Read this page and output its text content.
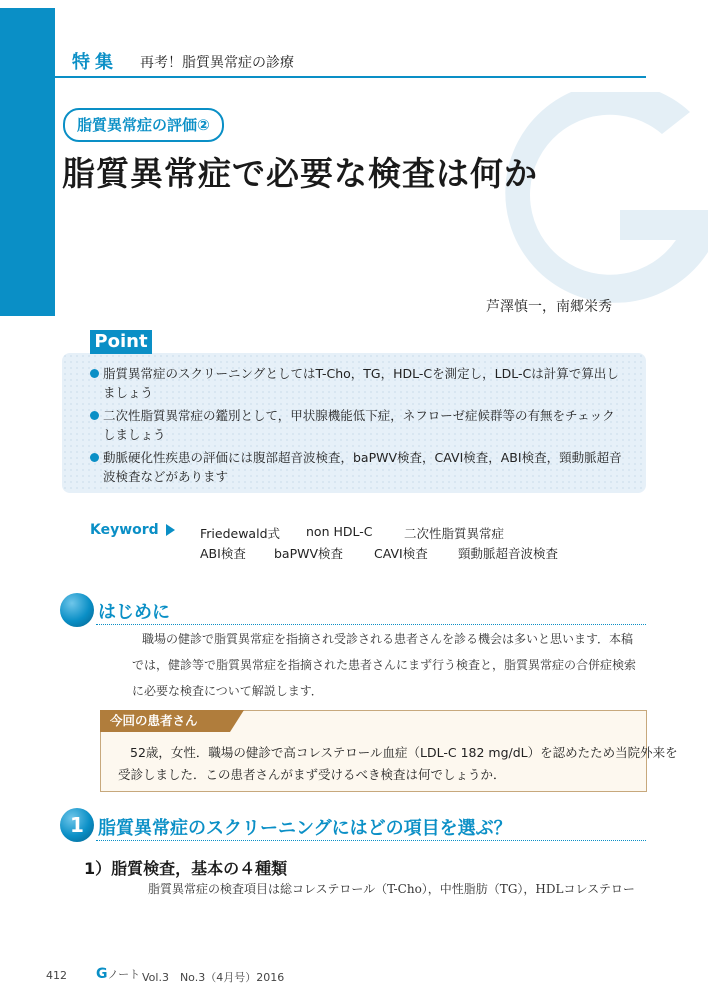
特集 再考！脂質異常症の診療
脂質異常症の評価②
脂質異常症で必要な検査は何か
芦澤慎一，南郷栄秀
Point
脂質異常症のスクリーニングとしてはT-Cho，TG，HDL-Cを測定し，LDL-Cは計算で算出し
ましょう
二次性脂質異常症の鑑別として，甲状腺機能低下症，ネフローゼ症候群等の有無をチェック
しましょう
動脈硬化性疾患の評価には腹部超音波検査，baPWV検査，CAVI検査，ABI検査，頸動脈超音
波検査などがあります
Keyword	Friedewald式 non HDL-C	二次性脂質異常症
ABI検査 baPWV検査 CAVI検査 頸動脈超音波検査
はじめに
職場の健診で脂質異常症を指摘され受診される患者さんを診る機会は多いと思います．本稿
では，健診等で脂質異常症を指摘された患者さんにまず行う検査と，脂質異常症の合併症検索
に必要な検査について解説します．
今回の患者さん
52歳，女性．職場の健診で高コレステロール血症（LDL-C 182 mg/dL）を認めたため当院外来を
受診しました．この患者さんがまず受けるべき検査は何でしょうか．
1 脂質異常症のスクリーニングにはどの項目を選ぶ？
1）脂質検査，基本の４種類
脂質異常症の検査項目は総コレステロール（T-Cho），中性脂肪（TG），HDLコレステロー
412 Gノート Vol.3　No.3（4月号）2016
